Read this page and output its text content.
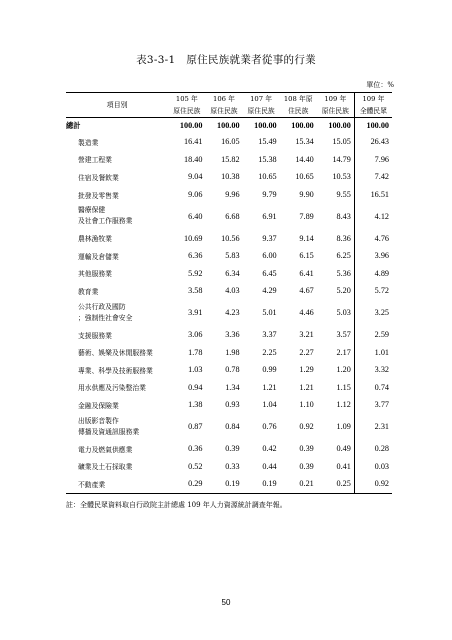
表3-3-1　原住民族就業者從事的行業
單位：%
項目別	105 年	106 年	107 年	108 年原	109 年	109 年
	原住民族	原住民族	原住民族	住民族	原住民族	全體民眾
總計	100.00	100.00	100.00	100.00	100.00	100.00
製造業	16.41	16.05	15.49	15.34	15.05	26.43
營建工程業	18.40	15.82	15.38	14.40	14.79	7.96
住宿及餐飲業	9.04	10.38	10.65	10.65	10.53	7.42
批發及零售業	9.06	9.96	9.79	9.90	9.55	16.51
醫療保健
及社會工作服務業	6.40	6.68	6.91	7.89	8.43	4.12
農林漁牧業	10.69	10.56	9.37	9.14	8.36	4.76
運輸及倉儲業	6.36	5.83	6.00	6.15	6.25	3.96
其他服務業	5.92	6.34	6.45	6.41	5.36	4.89
教育業	3.58	4.03	4.29	4.67	5.20	5.72
公共行政及國防
；強制性社會安全	3.91	4.23	5.01	4.46	5.03	3.25
支援服務業	3.06	3.36	3.37	3.21	3.57	2.59
藝術、娛樂及休閒服務業	1.78	1.98	2.25	2.27	2.17	1.01
專業、科學及技術服務業	1.03	0.78	0.99	1.29	1.20	3.32
用水供應及污染整治業	0.94	1.34	1.21	1.21	1.15	0.74
金融及保險業	1.38	0.93	1.04	1.10	1.12	3.77
出版影音製作
傳播及資通訊服務業	0.87	0.84	0.76	0.92	1.09	2.31
電力及燃氣供應業	0.36	0.39	0.42	0.39	0.49	0.28
礦業及土石採取業	0.52	0.33	0.44	0.39	0.41	0.03
不動產業	0.29	0.19	0.19	0.21	0.25	0.92
註：全體民眾資料取自行政院主計總處 109 年人力資源統計調查年報。
50
